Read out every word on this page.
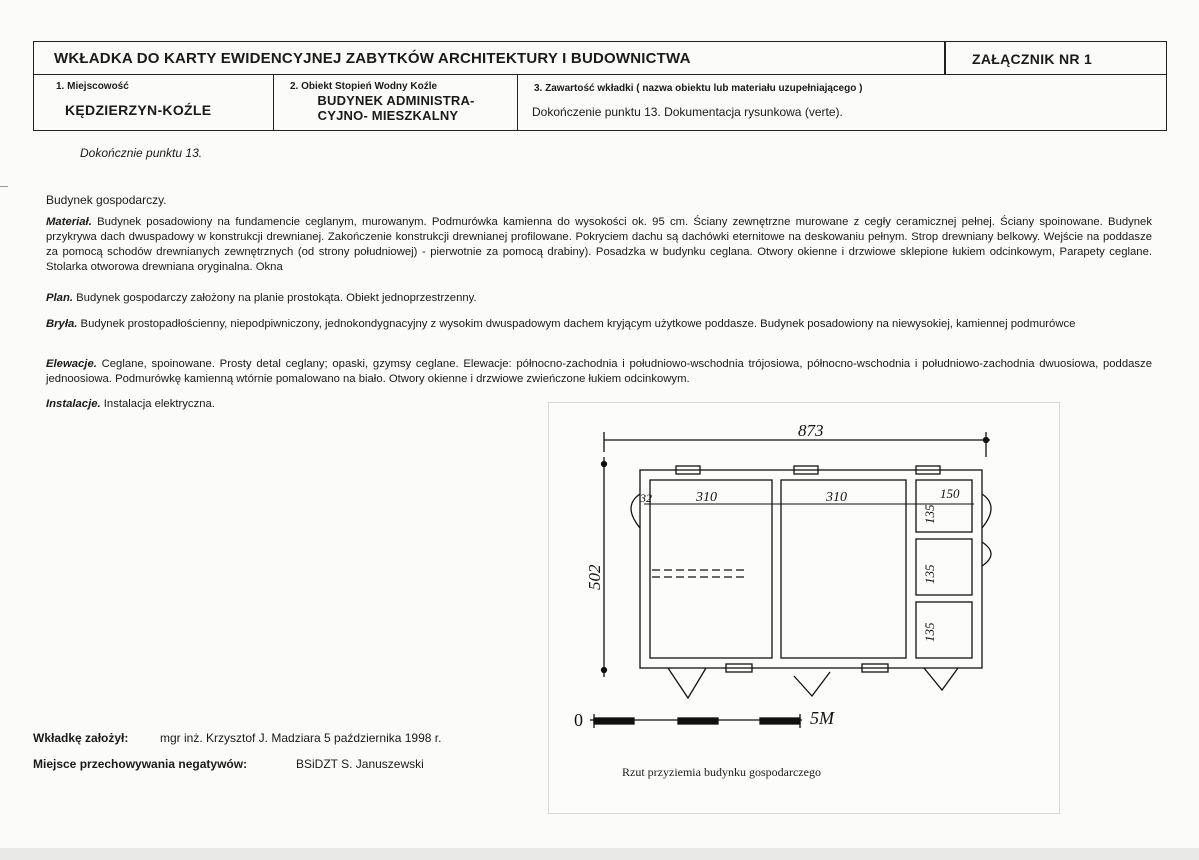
WKŁADKA DO KARTY EWIDENCYJNEJ ZABYTKÓW ARCHITEKTURY I BUDOWNICTWA	ZAŁĄCZNIK NR 1
1. Miejscowość
KĘDZIERZYN-KOŹLE
2. Obiekt Stopień Wodny Koźle
BUDYNEK ADMINISTRA-
CYJNO- MIESZKALNY
3. Zawartość wkładki ( nazwa obiektu lub materiału uzupełniającego )
Dokończenie punktu 13. Dokumentacja rysunkowa (verte).
Dokończnie punktu 13.
Budynek gospodarczy.
Materiał. Budynek posadowiony na fundamencie ceglanym, murowanym. Podmurówka kamienna do wysokości ok. 95 cm. Ściany zewnętrzne murowane z cegły ceramicznej pełnej. Ściany spoinowane. Budynek przykrywa dach dwuspadowy w konstrukcji drewnianej. Zakończenie konstrukcji drewnianej profilowane. Pokryciem dachu są dachówki eternitowe na deskowaniu pełnym. Strop drewniany belkowy. Wejście na poddasze za pomocą schodów drewnianych zewnętrznych (od strony południowej) - pierwotnie za pomocą drabiny). Posadzka w budynku ceglana. Otwory okienne i drzwiowe sklepione łukiem odcinkowym, Parapety ceglane. Stolarka otworowa drewniana oryginalna. Okna
Plan. Budynek gospodarczy założony na planie prostokąta. Obiekt jednoprzestrzenny.
Bryła. Budynek prostopadłościenny, niepodpiwniczony, jednokondygnacyjny z wysokim dwuspadowym dachem kryjącym użytkowe poddasze. Budynek posadowiony na niewysokiej, kamiennej podmurówce
Elewacje. Ceglane, spoinowane. Prosty detal ceglany; opaski, gzymsy ceglane. Elewacje: północno-zachodnia i południowo-wschodnia trójosiowa, północno-wschodnia i południowo-zachodnia dwuosiowa, poddasze jednoosiowa. Podmurówkę kamienną wtórnie pomalowano na biało. Otwory okienne i drzwiowe zwieńczone łukiem odcinkowym.
Instalacje. Instalacja elektryczna.
873
502
32	310	310	150
135
135
135
0	5M
Rzut przyziemia budynku gospodarczego
Wkładkę założył:	mgr inż. Krzysztof J. Madziara 5 października 1998 r.
Miejsce przechowywania negatywów:	BSiDZT S. Januszewski
